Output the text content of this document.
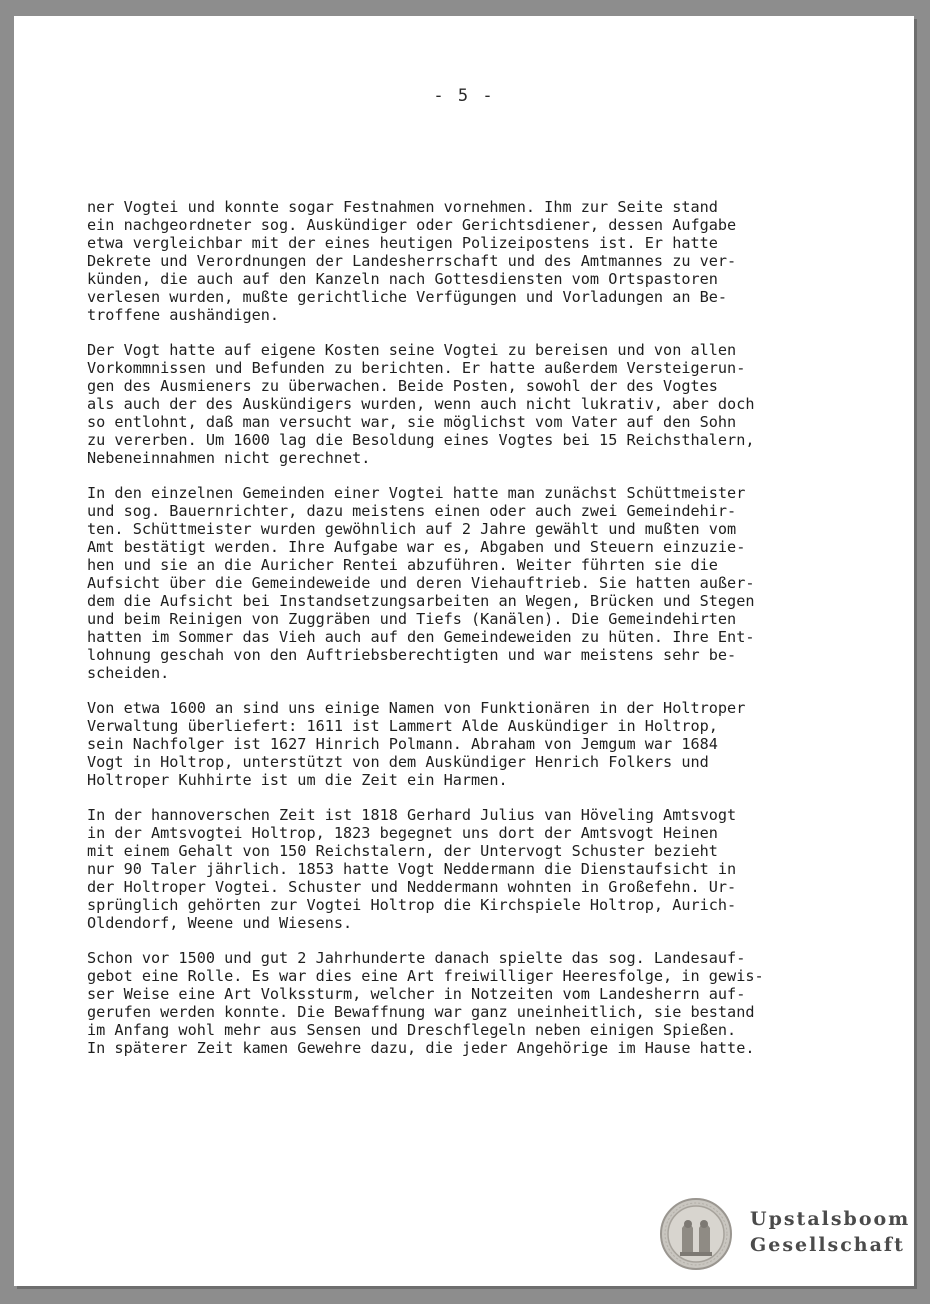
- 5 -

ner Vogtei und konnte sogar Festnahmen vornehmen. Ihm zur Seite stand
ein nachgeordneter sog. Auskündiger oder Gerichtsdiener, dessen Aufgabe
etwa vergleichbar mit der eines heutigen Polizeipostens ist. Er hatte
Dekrete und Verordnungen der Landesherrschaft und des Amtmannes zu ver-
künden, die auch auf den Kanzeln nach Gottesdiensten vom Ortspastoren
verlesen wurden, mußte gerichtliche Verfügungen und Vorladungen an Be-
troffene aushändigen.

Der Vogt hatte auf eigene Kosten seine Vogtei zu bereisen und von allen
Vorkommnissen und Befunden zu berichten. Er hatte außerdem Versteigerun-
gen des Ausmieners zu überwachen. Beide Posten, sowohl der des Vogtes
als auch der des Auskündigers wurden, wenn auch nicht lukrativ, aber doch
so entlohnt, daß man versucht war, sie möglichst vom Vater auf den Sohn
zu vererben. Um 1600 lag die Besoldung eines Vogtes bei 15 Reichsthalern,
Nebeneinnahmen nicht gerechnet.

In den einzelnen Gemeinden einer Vogtei hatte man zunächst Schüttmeister
und sog. Bauernrichter, dazu meistens einen oder auch zwei Gemeindehir-
ten. Schüttmeister wurden gewöhnlich auf 2 Jahre gewählt und mußten vom
Amt bestätigt werden. Ihre Aufgabe war es, Abgaben und Steuern einzuzie-
hen und sie an die Auricher Rentei abzuführen. Weiter führten sie die
Aufsicht über die Gemeindeweide und deren Viehauftrieb. Sie hatten außer-
dem die Aufsicht bei Instandsetzungsarbeiten an Wegen, Brücken und Stegen
und beim Reinigen von Zuggräben und Tiefs (Kanälen). Die Gemeindehirten
hatten im Sommer das Vieh auch auf den Gemeindeweiden zu hüten. Ihre Ent-
lohnung geschah von den Auftriebsberechtigten und war meistens sehr be-
scheiden.

Von etwa 1600 an sind uns einige Namen von Funktionären in der Holtroper
Verwaltung überliefert: 1611 ist Lammert Alde Auskündiger in Holtrop,
sein Nachfolger ist 1627 Hinrich Polmann. Abraham von Jemgum war 1684
Vogt in Holtrop, unterstützt von dem Auskündiger Henrich Folkers und
Holtroper Kuhhirte ist um die Zeit ein Harmen.

In der hannoverschen Zeit ist 1818 Gerhard Julius van Höveling Amtsvogt
in der Amtsvogtei Holtrop, 1823 begegnet uns dort der Amtsvogt Heinen
mit einem Gehalt von 150 Reichstalern, der Untervogt Schuster bezieht
nur 90 Taler jährlich. 1853 hatte Vogt Neddermann die Dienstaufsicht in
der Holtroper Vogtei. Schuster und Neddermann wohnten in Großefehn. Ur-
sprünglich gehörten zur Vogtei Holtrop die Kirchspiele Holtrop, Aurich-
Oldendorf, Weene und Wiesens.

Schon vor 1500 und gut 2 Jahrhunderte danach spielte das sog. Landesauf-
gebot eine Rolle. Es war dies eine Art freiwilliger Heeresfolge, in gewis-
ser Weise eine Art Volkssturm, welcher in Notzeiten vom Landesherrn auf-
gerufen werden konnte. Die Bewaffnung war ganz uneinheitlich, sie bestand
im Anfang wohl mehr aus Sensen und Dreschflegeln neben einigen Spießen.
In späterer Zeit kamen Gewehre dazu, die jeder Angehörige im Hause hatte.

Upstalsboom
Gesellschaft
